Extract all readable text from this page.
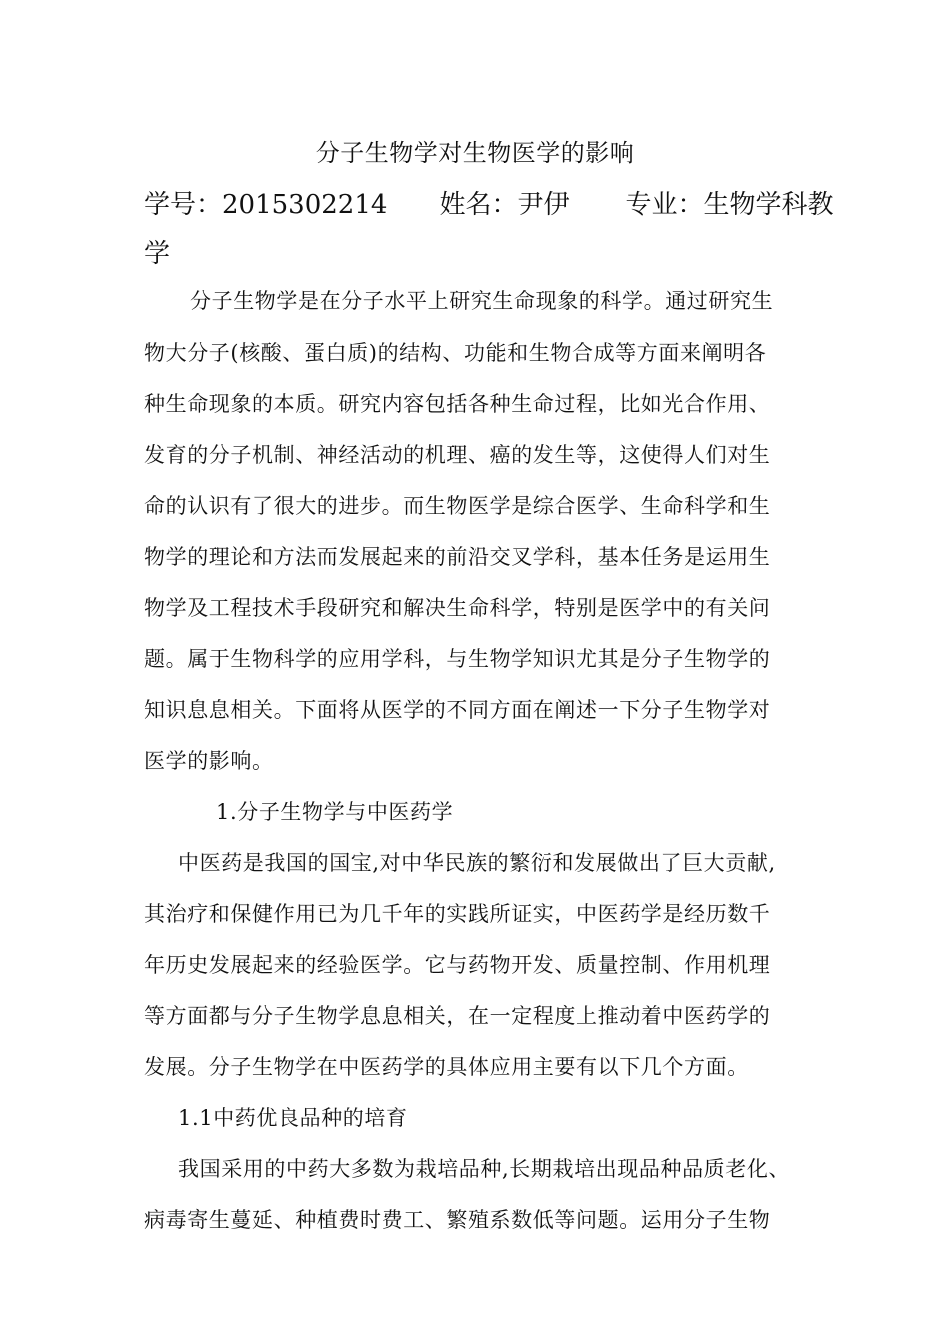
分子生物学对生物医学的影响
学号：2015302214 姓名：尹伊 专业：生物学科教
学
分子生物学是在分子水平上研究生命现象的科学。通过研究生
物大分子(核酸、蛋白质)的结构、功能和生物合成等方面来阐明各
种生命现象的本质。研究内容包括各种生命过程，比如光合作用、
发育的分子机制、神经活动的机理、癌的发生等，这使得人们对生
命的认识有了很大的进步。而生物医学是综合医学、生命科学和生
物学的理论和方法而发展起来的前沿交叉学科，基本任务是运用生
物学及工程技术手段研究和解决生命科学，特别是医学中的有关问
题。属于生物科学的应用学科，与生物学知识尤其是分子生物学的
知识息息相关。下面将从医学的不同方面在阐述一下分子生物学对
医学的影响。
1.分子生物学与中医药学
中医药是我国的国宝,对中华民族的繁衍和发展做出了巨大贡献,
其治疗和保健作用已为几千年的实践所证实，中医药学是经历数千
年历史发展起来的经验医学。它与药物开发、质量控制、作用机理
等方面都与分子生物学息息相关，在一定程度上推动着中医药学的
发展。分子生物学在中医药学的具体应用主要有以下几个方面。
1.1中药优良品种的培育
我国采用的中药大多数为栽培品种,长期栽培出现品种品质老化、
病毒寄生蔓延、种植费时费工、繁殖系数低等问题。运用分子生物
